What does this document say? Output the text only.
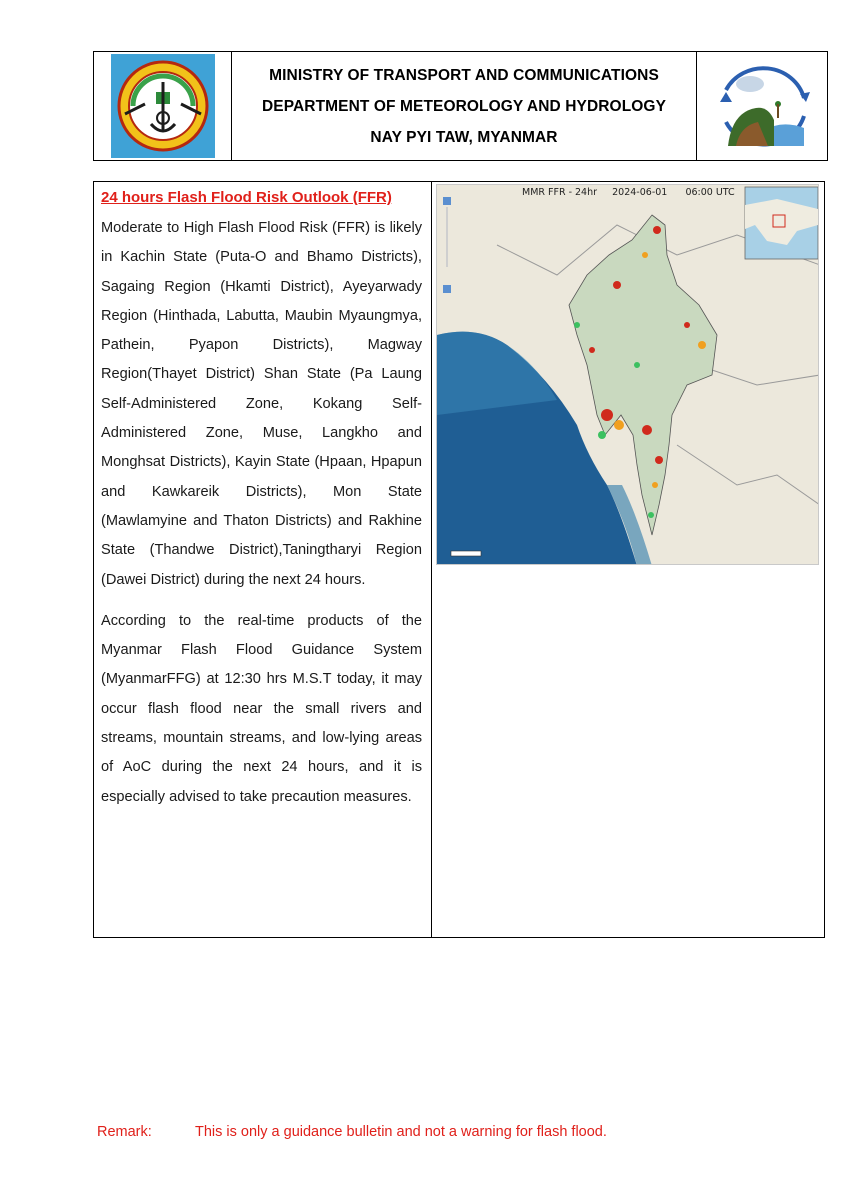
MINISTRY OF TRANSPORT AND COMMUNICATIONS
DEPARTMENT OF METEOROLOGY AND HYDROLOGY
NAY PYI TAW, MYANMAR
24 hours Flash Flood Risk Outlook (FFR)

Moderate to High Flash Flood Risk (FFR) is likely in Kachin State (Puta-O and Bhamo Districts), Sagaing Region (Hkamti District), Ayeyarwady Region (Hinthada, Labutta, Maubin Myaungmya, Pathein, Pyapon Districts), Magway Region(Thayet District) Shan State (Pa Laung Self-Administered Zone, Kokang Self-Administered Zone, Muse, Langkho and Monghsat Districts), Kayin State (Hpaan, Hpapun and Kawkareik Districts), Mon State (Mawlamyine and Thaton Districts) and Rakhine State (Thandwe District),Taningtharyi Region (Dawei District) during the next 24 hours.

According to the real-time products of the Myanmar Flash Flood Guidance System (MyanmarFFG) at 12:30 hrs M.S.T today, it may occur flash flood near the small rivers and streams, mountain streams, and low-lying areas of AoC during the next 24 hours, and it is especially advised to take precaution measures.

MMR FFR - 24hr     2024-06-01      06:00 UTC
Remark:	This is only a guidance bulletin and not a warning for flash flood.
